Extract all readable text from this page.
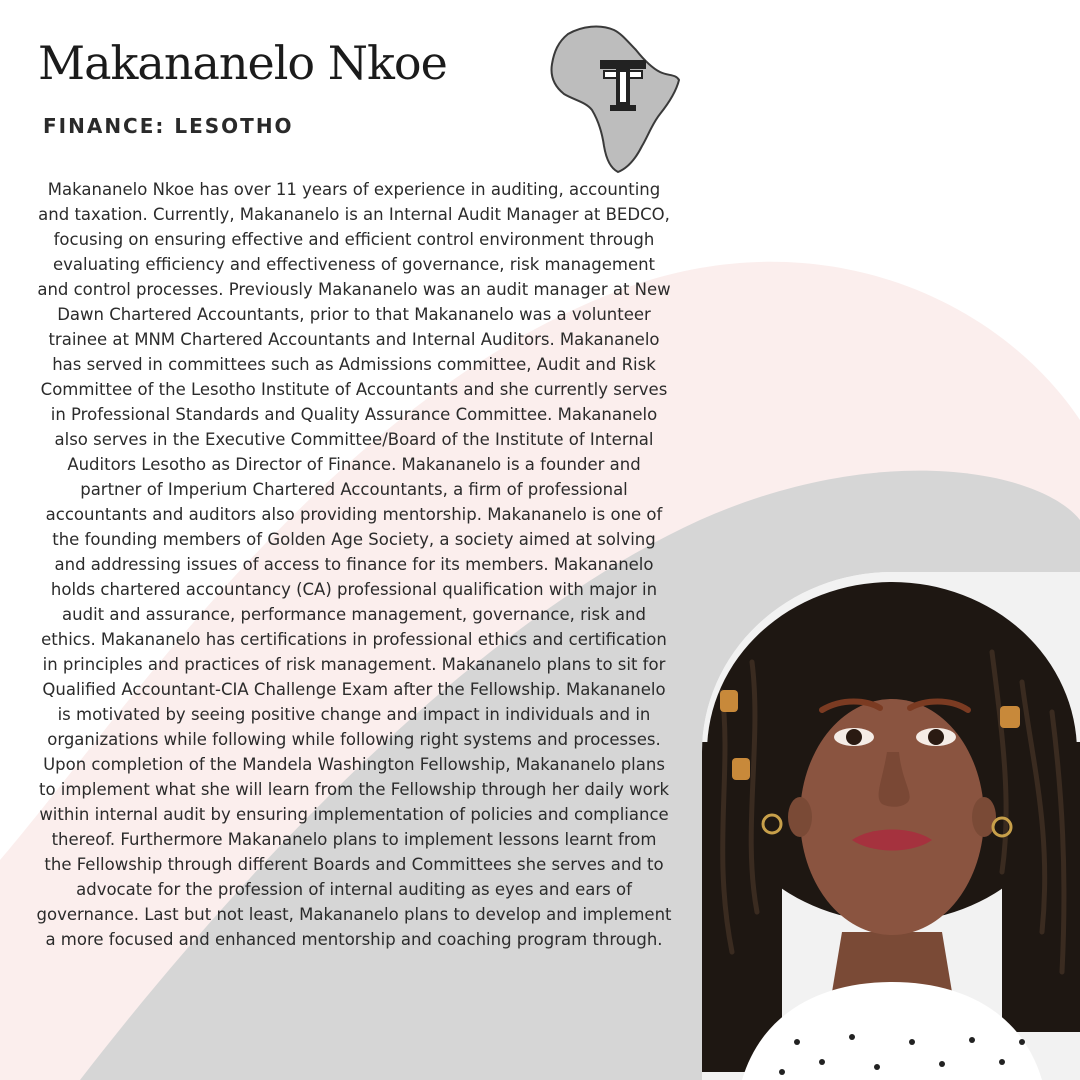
Makananelo Nkoe
FINANCE: LESOTHO

Makananelo Nkoe has over 11 years of experience in auditing, accounting and taxation. Currently, Makananelo is an Internal Audit Manager at BEDCO, focusing on ensuring effective and efficient control environment through evaluating efficiency and effectiveness of governance, risk management and control processes. Previously Makananelo was an audit manager at New Dawn Chartered Accountants, prior to that Makananelo was a volunteer trainee at MNM Chartered Accountants and Internal Auditors. Makananelo has served in committees such as Admissions committee, Audit and Risk Committee of the Lesotho Institute of Accountants and she currently serves in Professional Standards and Quality Assurance Committee. Makananelo also serves in the Executive Committee/Board of the Institute of Internal Auditors Lesotho as Director of Finance. Makananelo is a founder and partner of Imperium Chartered Accountants, a firm of professional accountants and auditors also providing mentorship. Makananelo is one of the founding members of Golden Age Society, a society aimed at solving and addressing issues of access to finance for its members. Makananelo holds chartered accountancy (CA) professional qualification with major in audit and assurance, performance management, governance, risk and ethics. Makananelo has certifications in professional ethics and certification in principles and practices of risk management. Makananelo plans to sit for Qualified Accountant-CIA Challenge Exam after the Fellowship. Makananelo is motivated by seeing positive change and impact in individuals and in organizations while following while following right systems and processes. Upon completion of the Mandela Washington Fellowship, Makananelo plans to implement what she will learn from the Fellowship through her daily work within internal audit by ensuring implementation of policies and compliance thereof. Furthermore Makananelo plans to implement lessons learnt from the Fellowship through different Boards and Committees she serves and to advocate for the profession of internal auditing as eyes and ears of governance. Last but not least, Makananelo plans to develop and implement a more focused and enhanced mentorship and coaching program through.
